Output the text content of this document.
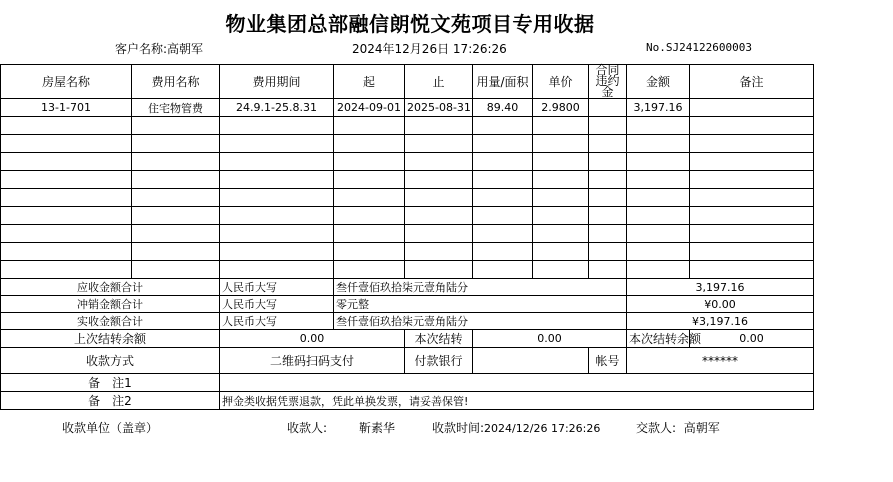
物业集团总部融信朗悦文苑项目专用收据
客户名称:高朝军	2024年12月26日 17:26:26	No.SJ24122600003
房屋名称	费用名称	费用期间	起	止	用量/面积	单价	合同违约金	金额	备注
13-1-701	住宅物管费	24.9.1-25.8.31	2024-09-01	2025-08-31	89.40	2.9800		3,197.16	

应收金额合计		人民币大写	叁仟壹佰玖拾柒元壹角陆分					3,197.16	
冲销金额合计		人民币大写	零元整					¥0.00	
实收金额合计		人民币大写	叁仟壹佰玖拾柒元壹角陆分					¥3,197.16	
上次结转余额		0.00		本次结转	0.00			本次结转余额	0.00
收款方式		二维码扫码支付		付款银行			帐号	******	
备　注1									
备　注2		押金类收据凭票退款，凭此单换发票，请妥善保管!							
收款单位（盖章）	收款人:	靳素华	收款时间:2024/12/26 17:26:26	交款人: 高朝军
